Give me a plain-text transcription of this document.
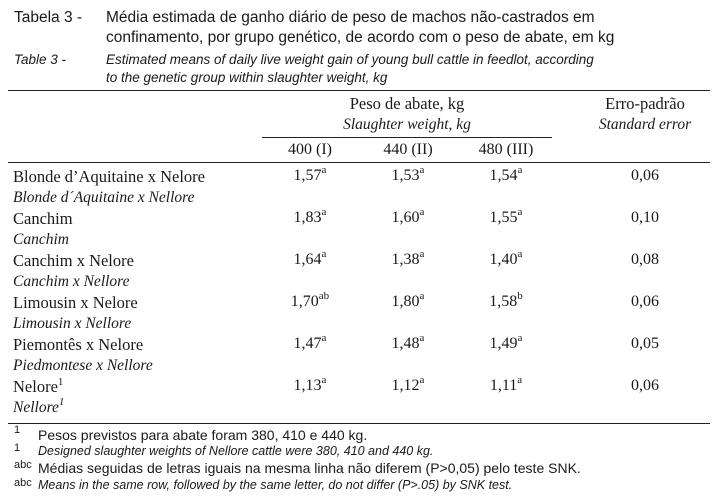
Tabela 3 - Média estimada de ganho diário de peso de machos não-castrados em
confinamento, por grupo genético, de acordo com o peso de abate, em kg
Table 3 -	Estimated means of daily live weight gain of young bull cattle in feedlot, according
to the genetic group within slaughter weight, kg
Peso de abate, kg
Slaughter weight, kg
Erro-padrão
Standard error
400 (I)	440 (II)	480 (III)
Blonde d’Aquitaine x Nelore
Blonde d´Aquitaine x Nellore
1,57$^a$	1,53$^a$	1,54$^a$	0,06
Canchim
Canchim
1,83$^a$	1,60$^a$	1,55$^a$	0,10
Canchim x Nelore
Canchim x Nellore
1,64$^a$	1,38$^a$	1,40$^a$	0,08
Limousin x Nelore
Limousin x Nellore
1,70$^{ab}$	1,80$^a$	1,58$^b$	0,06
Piemontês x Nelore
Piedmontese x Nellore
1,47$^a$	1,48$^a$	1,49$^a$	0,05
Nelore$^1$
Nellore$^1$
1,13$^a$	1,12$^a$	1,11$^a$	0,06
1 Pesos previstos para abate foram 380, 410 e 440 kg.
1 Designed slaughter weights of Nellore cattle were 380, 410 and 440 kg.
abc Médias seguidas de letras iguais na mesma linha não diferem (P>0,05) pelo teste SNK.
abc Means in the same row, followed by the same letter, do not differ (P>.05) by SNK test.
